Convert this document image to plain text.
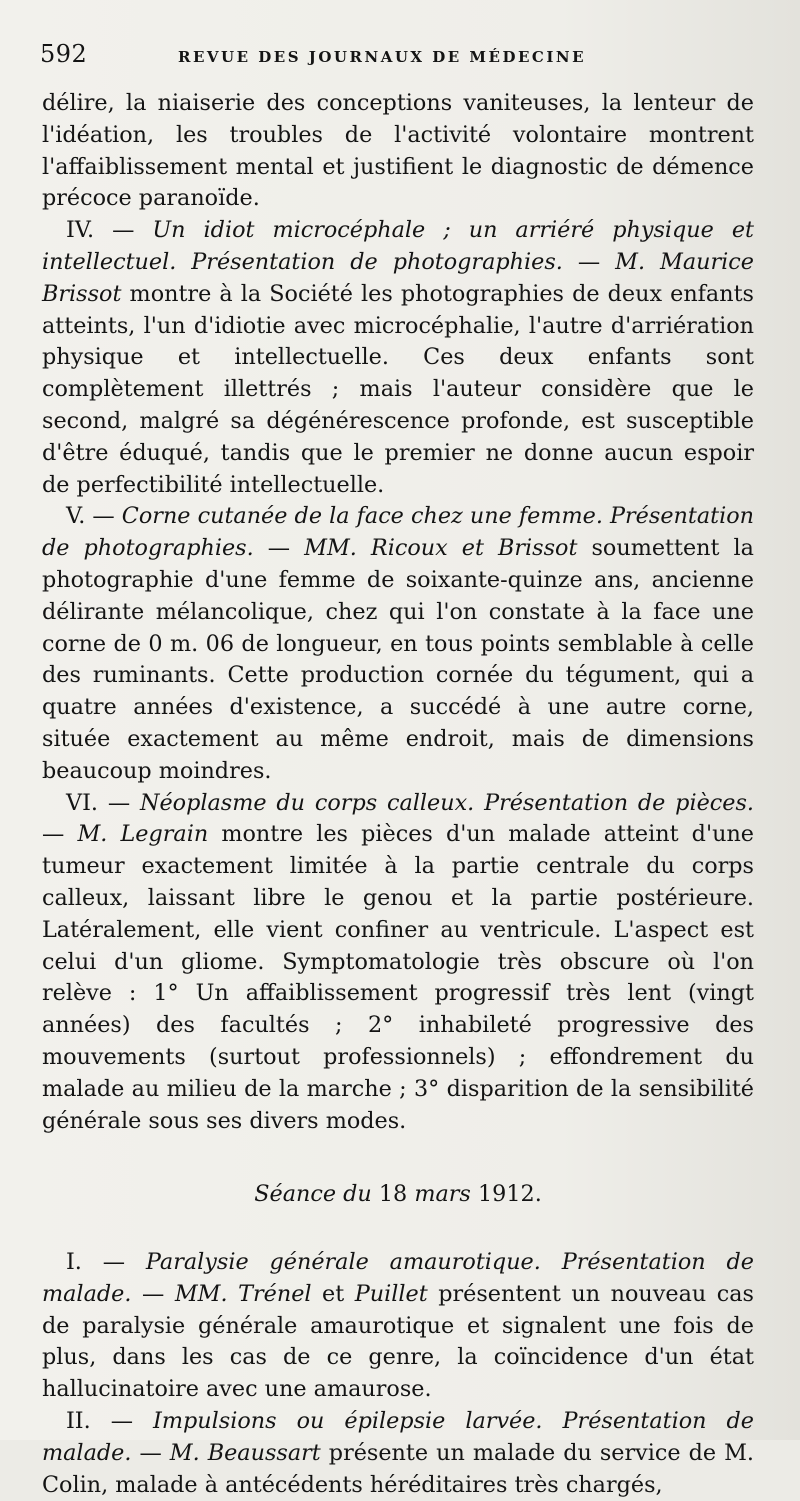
592	REVUE DES JOURNAUX DE MÉDECINE

délire, la niaiserie des conceptions vaniteuses, la lenteur de l'idéation, les troubles de l'activité volontaire montrent l'affaiblissement mental et justifient le diagnostic de démence précoce paranoïde.

IV. — Un idiot microcéphale ; un arriéré physique et intellectuel. Présentation de photographies. — M. Maurice Brissot montre à la Société les photographies de deux enfants atteints, l'un d'idiotie avec microcéphalie, l'autre d'arriération physique et intellectuelle. Ces deux enfants sont complètement illettrés ; mais l'auteur considère que le second, malgré sa dégénérescence profonde, est susceptible d'être éduqué, tandis que le premier ne donne aucun espoir de perfectibilité intellectuelle.

V. — Corne cutanée de la face chez une femme. Présentation de photographies. — MM. Ricoux et Brissot soumettent la photographie d'une femme de soixante-quinze ans, ancienne délirante mélancolique, chez qui l'on constate à la face une corne de 0 m. 06 de longueur, en tous points semblable à celle des ruminants. Cette production cornée du tégument, qui a quatre années d'existence, a succédé à une autre corne, située exactement au même endroit, mais de dimensions beaucoup moindres.

VI. — Néoplasme du corps calleux. Présentation de pièces. — M. Legrain montre les pièces d'un malade atteint d'une tumeur exactement limitée à la partie centrale du corps calleux, laissant libre le genou et la partie postérieure. Latéralement, elle vient confiner au ventricule. L'aspect est celui d'un gliome. Symptomatologie très obscure où l'on relève : 1° Un affaiblissement progressif très lent (vingt années) des facultés ; 2° inhabileté progressive des mouvements (surtout professionnels) ; effondrement du malade au milieu de la marche ; 3° disparition de la sensibilité générale sous ses divers modes.

Séance du 18 mars 1912.

I. — Paralysie générale amaurotique. Présentation de malade. — MM. Trénel et Puillet présentent un nouveau cas de paralysie générale amaurotique et signalent une fois de plus, dans les cas de ce genre, la coïncidence d'un état hallucinatoire avec une amaurose.

II. — Impulsions ou épilepsie larvée. Présentation de malade. — M. Beaussart présente un malade du service de M. Colin, malade à antécédents héréditaires très chargés,
